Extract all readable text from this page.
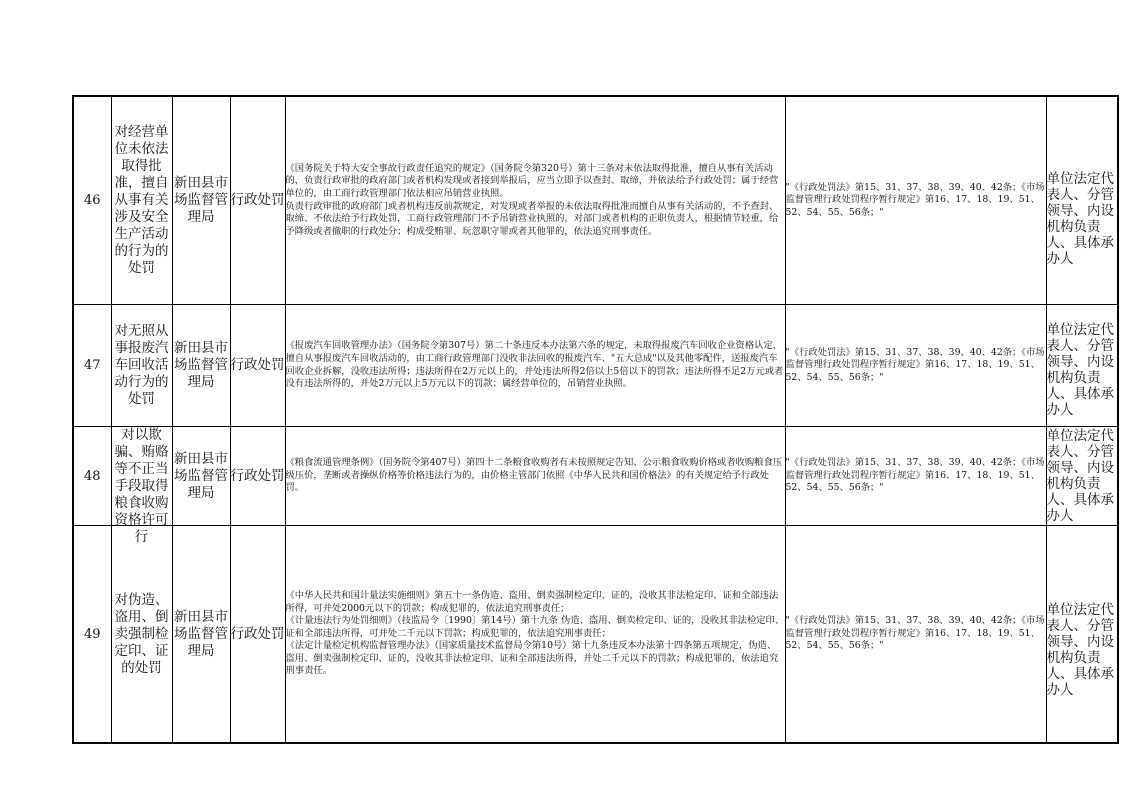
46	对经营单位未依法取得批准，擅自从事有关涉及安全生产活动的行为的处罚	新田县市场监督管理局	行政处罚	《国务院关于特大安全事故行政责任追究的规定》（国务院令第320号）第十三条对未依法取得批准，擅自从事有关活动的，负责行政审批的政府部门或者机构发现或者接到举报后，应当立即予以查封、取缔，并依法给予行政处罚；属于经营单位的，由工商行政管理部门依法相应吊销营业执照。

负责行政审批的政府部门或者机构违反前款规定，对发现或者举报的未依法取得批准而擅自从事有关活动的，不予查封、取缔、不依法给予行政处罚，工商行政管理部门不予吊销营业执照的，对部门或者机构的正职负责人，根据情节轻重，给予降级或者撤职的行政处分；构成受贿罪、玩忽职守罪或者其他罪的，依法追究刑事责任。	"《行政处罚法》第15、31、37、38、39、40、42条；《市场监督管理行政处罚程序暂行规定》第16、17、18、19、51、52、54、55、56条；"	单位法定代表人、分管领导、内设机构负责人、具体承办人

47	对无照从事报废汽车回收活动行为的处罚	新田县市场监督管理局	行政处罚	《报废汽车回收管理办法》（国务院令第307号）第二十条违反本办法第六条的规定，未取得报废汽车回收企业资格认定，擅自从事报废汽车回收活动的，由工商行政管理部门没收非法回收的报废汽车、"五大总成"以及其他零配件，送报废汽车回收企业拆解，没收违法所得；违法所得在2万元以上的，并处违法所得2倍以上5倍以下的罚款；违法所得不足2万元或者没有违法所得的，并处2万元以上5万元以下的罚款；属经营单位的，吊销营业执照。	"《行政处罚法》第15、31、37、38、39、40、42条；《市场监督管理行政处罚程序暂行规定》第16、17、18、19、51、52、54、55、56条；"	单位法定代表人、分管领导、内设机构负责人、具体承办人

48	对以欺骗、贿赂等不正当手段取得粮食收购资格许可行	新田县市场监督管理局	行政处罚	《粮食流通管理条例》（国务院令第407号）第四十二条粮食收购者有未按照规定告知、公示粮食收购价格或者收购粮食压级压价，垄断或者操纵价格等价格违法行为的，由价格主管部门依照《中华人民共和国价格法》的有关规定给予行政处罚。	"《行政处罚法》第15、31、37、38、39、40、42条；《市场监督管理行政处罚程序暂行规定》第16、17、18、19、51、52、54、55、56条；"	单位法定代表人、分管领导、内设机构负责人、具体承办人

49	对伪造、盗用、倒卖强制检定印、证的处罚	新田县市场监督管理局	行政处罚	《中华人民共和国计量法实施细则》第五十一条伪造、盗用、倒卖强制检定印、证的，没收其非法检定印、证和全部违法所得，可并处2000元以下的罚款；构成犯罪的，依法追究刑事责任；

《计量违法行为处罚细则》（技监局令〔1990〕第14号）第十九条 伪造、盗用、倒卖检定印、证的，没收其非法检定印、证和全部违法所得，可并处二千元以下罚款；构成犯罪的，依法追究刑事责任；

《法定计量检定机构监督管理办法》（国家质量技术监督局令第10号）第十九条违反本办法第十四条第五项规定，伪造、盗用、倒卖强制检定印、证的，没收其非法检定印、证和全部违法所得，并处二千元以下的罚款；构成犯罪的，依法追究刑事责任。	"《行政处罚法》第15、31、37、38、39、40、42条；《市场监督管理行政处罚程序暂行规定》第16、17、18、19、51、52、54、55、56条；"	单位法定代表人、分管领导、内设机构负责人、具体承办人
